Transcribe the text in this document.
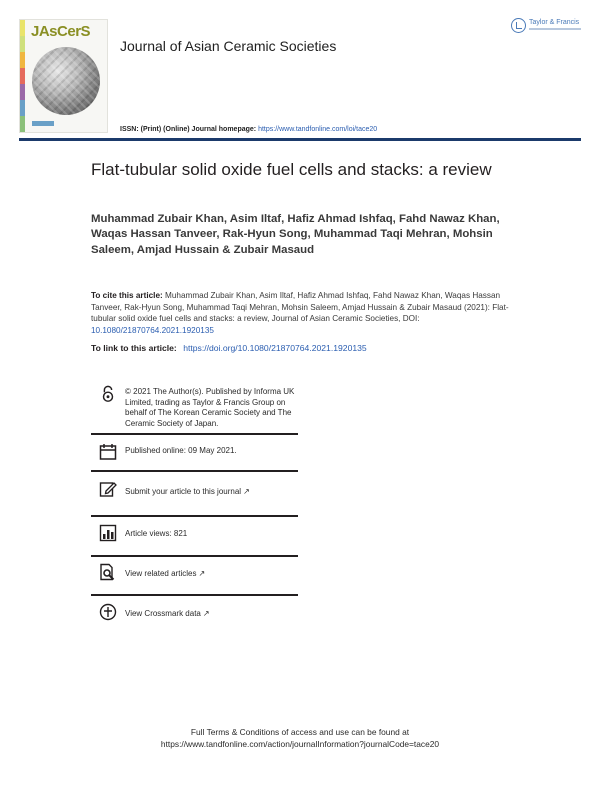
JAsCerS
Journal of Asian Ceramic Societies
Taylor & Francis
ISSN: (Print) (Online) Journal homepage: https://www.tandfonline.com/loi/tace20
Flat-tubular solid oxide fuel cells and stacks: a review
Muhammad Zubair Khan, Asim Iltaf, Hafiz Ahmad Ishfaq, Fahd Nawaz Khan, Waqas Hassan Tanveer, Rak-Hyun Song, Muhammad Taqi Mehran, Mohsin Saleem, Amjad Hussain & Zubair Masaud
To cite this article: Muhammad Zubair Khan, Asim Iltaf, Hafiz Ahmad Ishfaq, Fahd Nawaz Khan, Waqas Hassan Tanveer, Rak-Hyun Song, Muhammad Taqi Mehran, Mohsin Saleem, Amjad Hussain & Zubair Masaud (2021): Flat-tubular solid oxide fuel cells and stacks: a review, Journal of Asian Ceramic Societies, DOI: 10.1080/21870764.2021.1920135
To link to this article: https://doi.org/10.1080/21870764.2021.1920135
© 2021 The Author(s). Published by Informa UK Limited, trading as Taylor & Francis Group on behalf of The Korean Ceramic Society and The Ceramic Society of Japan.
Published online: 09 May 2021.
Submit your article to this journal ↗
Article views: 821
View related articles ↗
View Crossmark data ↗
Full Terms & Conditions of access and use can be found at
https://www.tandfonline.com/action/journalInformation?journalCode=tace20
